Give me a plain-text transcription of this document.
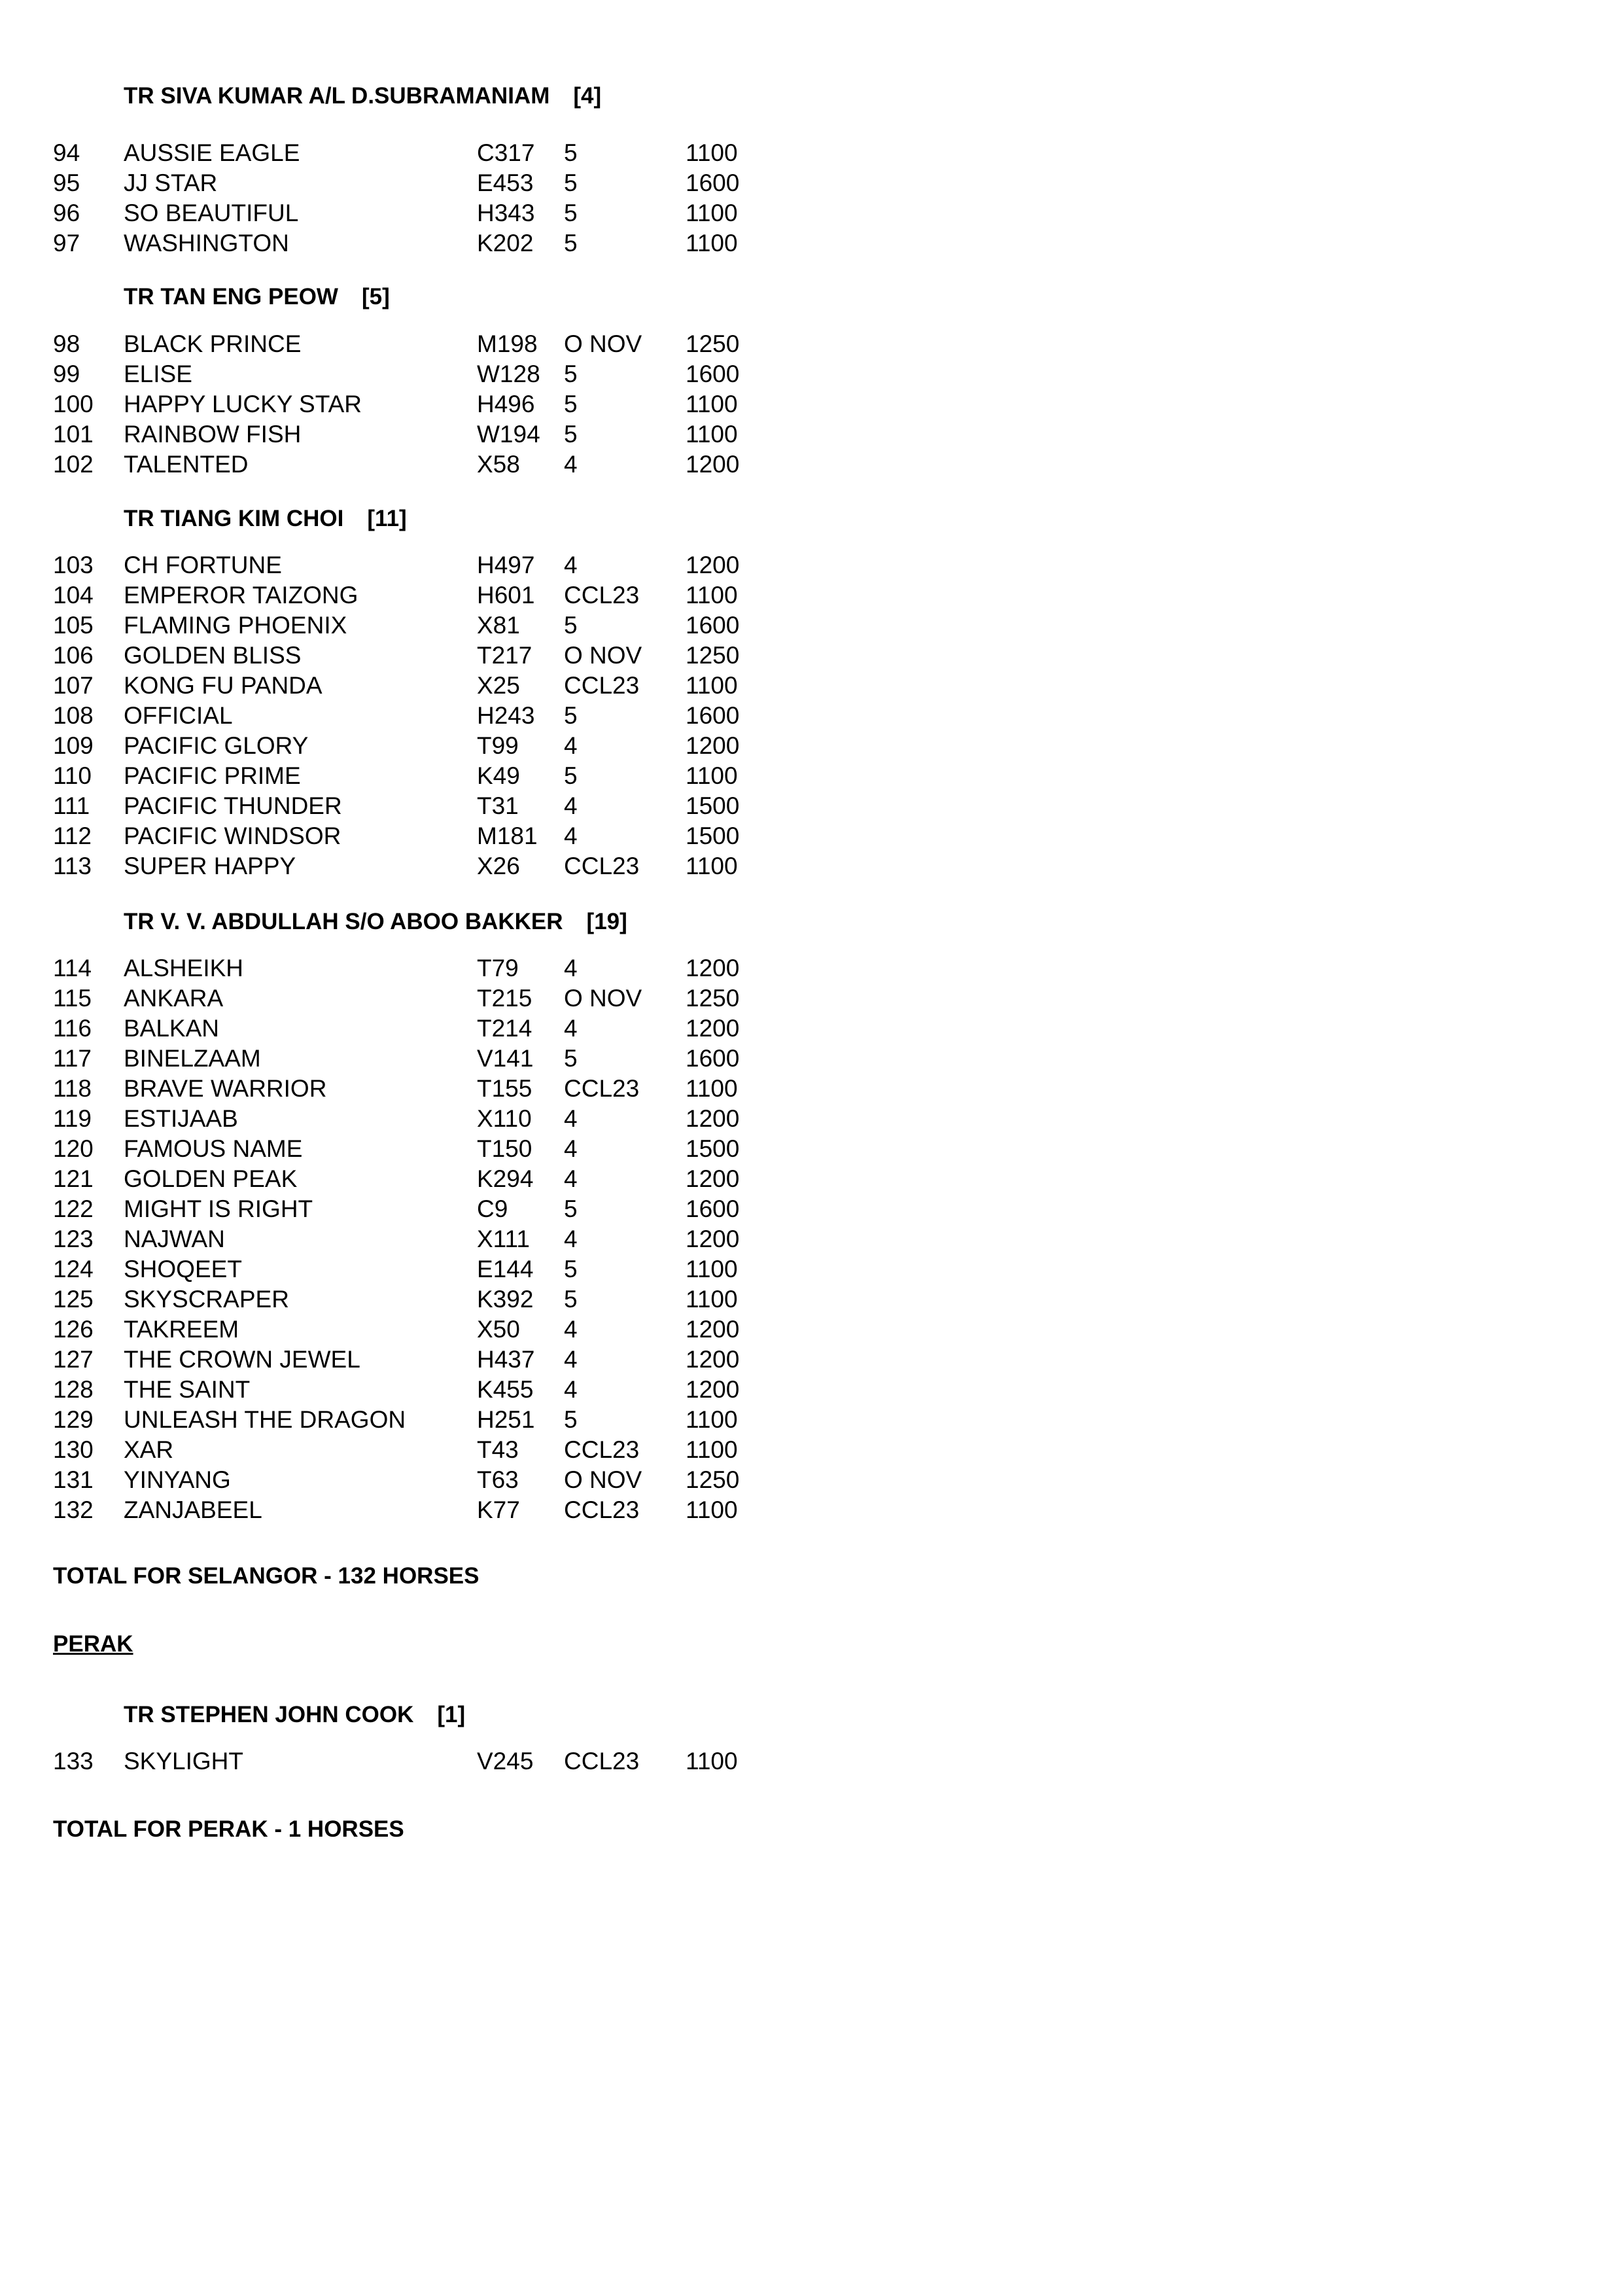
TR SIVA KUMAR A/L D.SUBRAMANIAM [4]
TR TAN ENG PEOW [5]
TR TIANG KIM CHOI [11]
TR V. V. ABDULLAH S/O ABOO BAKKER [19]
TOTAL FOR SELANGOR - 132 HORSES
PERAK
TR STEPHEN JOHN COOK [1]
TOTAL FOR PERAK - 1 HORSES
94 AUSSIE EAGLE	C317 5	1100
95 JJ STAR	E453 5	1600
96 SO BEAUTIFUL	H343 5	1100
97 WASHINGTON	K202 5	1100
98 BLACK PRINCE	M198 O NOV 1250
99 ELISE	W128 5	1600
100 HAPPY LUCKY STAR	H496 5	1100
101 RAINBOW FISH	W194 5	1100
102 TALENTED	X58 4	1200
103 CH FORTUNE	H497 4	1200
104 EMPEROR TAIZONG	H601 CCL23 1100
105 FLAMING PHOENIX	X81 5	1600
106 GOLDEN BLISS	T217 O NOV 1250
107 KONG FU PANDA	X25 CCL23 1100
108 OFFICIAL	H243 5	1600
109 PACIFIC GLORY	T99 4	1200
110 PACIFIC PRIME	K49 5	1100
111 PACIFIC THUNDER	T31 4	1500
112 PACIFIC WINDSOR	M181 4	1500
113 SUPER HAPPY	X26 CCL23 1100
114 ALSHEIKH	T79 4	1200
115 ANKARA	T215 O NOV 1250
116 BALKAN	T214 4	1200
117 BINELZAAM	V141 5	1600
118 BRAVE WARRIOR	T155 CCL23 1100
119 ESTIJAAB	X110 4	1200
120 FAMOUS NAME	T150 4	1500
121 GOLDEN PEAK	K294 4	1200
122 MIGHT IS RIGHT	C9 5	1600
123 NAJWAN	X111 4	1200
124 SHOQEET	E144 5	1100
125 SKYSCRAPER	K392 5	1100
126 TAKREEM	X50 4	1200
127 THE CROWN JEWEL	H437 4	1200
128 THE SAINT	K455 4	1200
129 UNLEASH THE DRAGON	H251 5	1100
130 XAR	T43 CCL23 1100
131 YINYANG	T63 O NOV 1250
132 ZANJABEEL	K77 CCL23 1100
133 SKYLIGHT	V245 CCL23 1100
